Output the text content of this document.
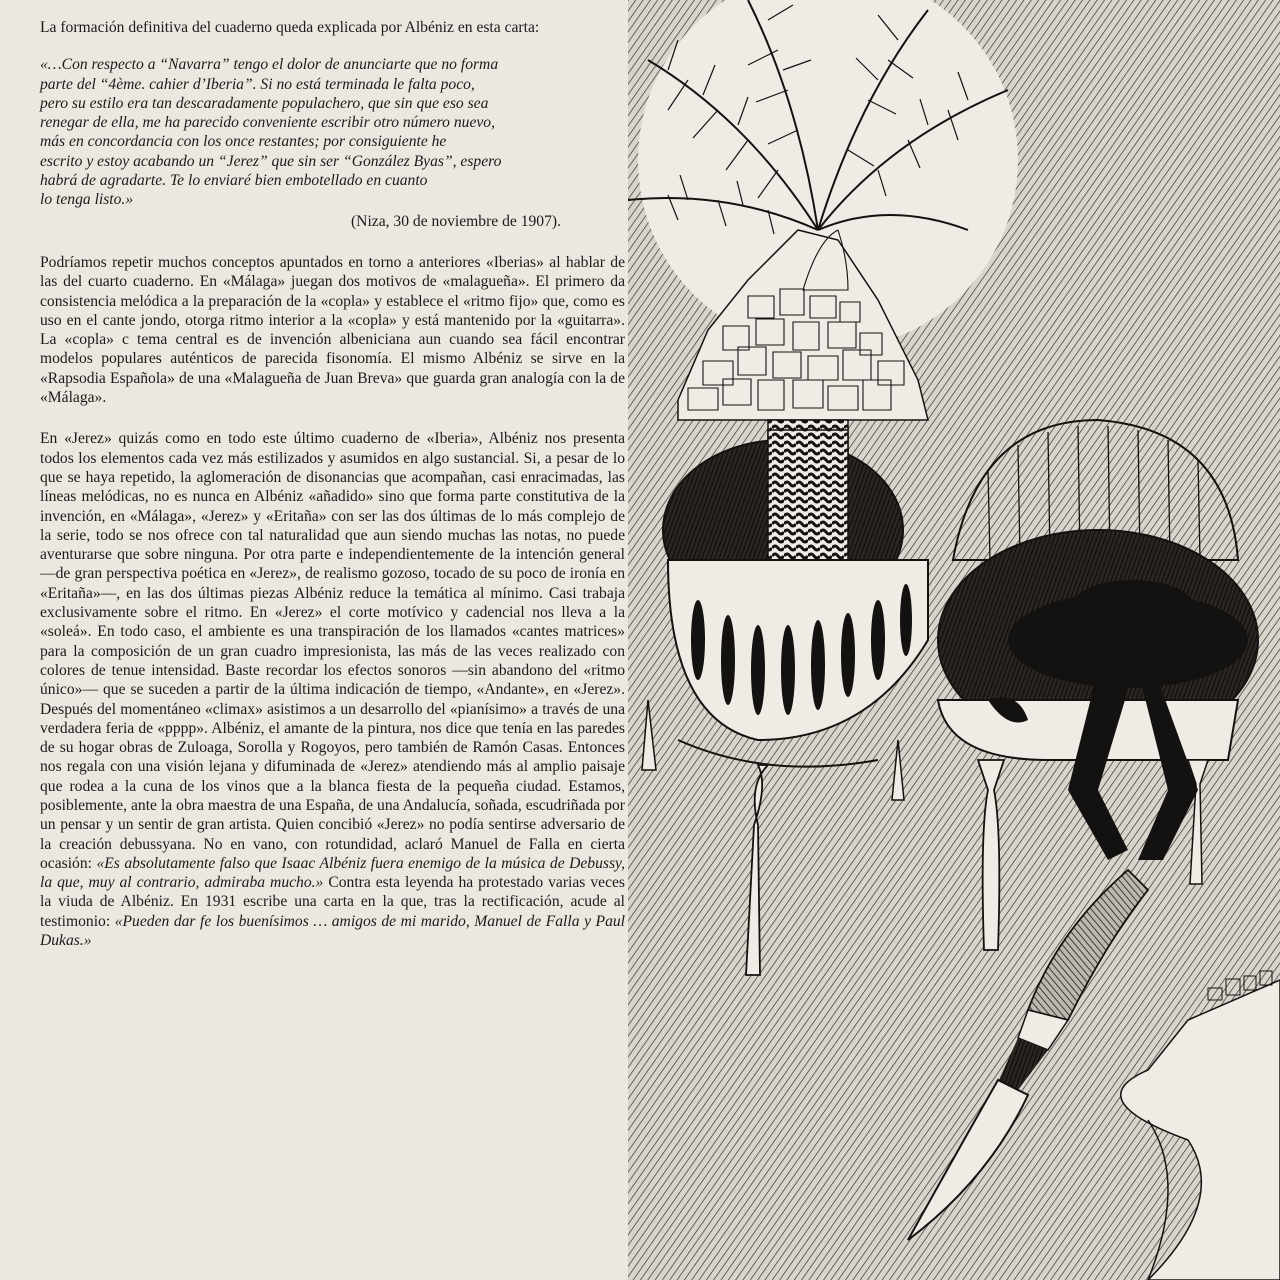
La formación definitiva del cuaderno queda explicada por Albéniz en esta carta:

«…Con respecto a “Navarra” tengo el dolor de anunciarte que no forma
parte del “4ème. cahier d’Iberia”. Si no está terminada le falta poco,
pero su estilo era tan descaradamente populachero, que sin que eso sea
renegar de ella, me ha parecido conveniente escribir otro número nuevo,
más en concordancia con los once restantes; por consiguiente he
escrito y estoy acabando un “Jerez” que sin ser “González Byas”, espero
habrá de agradarte. Te lo enviaré bien embotellado en cuanto
lo tenga listo.»

(Niza, 30 de noviembre de 1907).

Podríamos repetir muchos conceptos apuntados en torno a anteriores «Iberias» al hablar de las del cuarto cuaderno. En «Málaga» juegan dos motivos de «malagueña». El primero da consistencia melódica a la preparación de la «copla» y establece el «ritmo fijo» que, como es uso en el cante jondo, otorga ritmo interior a la «copla» y está mantenido por la «guitarra». La «copla» c tema central es de invención albeniciana aun cuando sea fácil encontrar modelos populares auténticos de parecida fisonomía. El mismo Albéniz se sirve en la «Rapsodia Española» de una «Malagueña de Juan Breva» que guarda gran analogía con la de «Málaga».

En «Jerez» quizás como en todo este último cuaderno de «Iberia», Albéniz nos presenta todos los elementos cada vez más estilizados y asumidos en algo sustancial. Si, a pesar de lo que se haya repetido, la aglomeración de disonancias que acompañan, casi enracimadas, las líneas melódicas, no es nunca en Albéniz «añadido» sino que forma parte constitutiva de la invención, en «Málaga», «Jerez» y «Eritaña» con ser las dos últimas de lo más complejo de la serie, todo se nos ofrece con tal naturalidad que aun siendo muchas las notas, no puede aventurarse que sobre ninguna. Por otra parte e independientemente de la intención general —de gran perspectiva poética en «Jerez», de realismo gozoso, tocado de su poco de ironía en «Eritaña»—, en las dos últimas piezas Albéniz reduce la temática al mínimo. Casi trabaja exclusivamente sobre el ritmo. En «Jerez» el corte motívico y cadencial nos lleva a la «soleá». En todo caso, el ambiente es una transpiración de los llamados «cantes matrices» para la composición de un gran cuadro impresionista, las más de las veces realizado con colores de tenue intensidad. Baste recordar los efectos sonoros —sin abandono del «ritmo único»— que se suceden a partir de la última indicación de tiempo, «Andante», en «Jerez». Después del momentáneo «climax» asistimos a un desarrollo del «pianísimo» a través de una verdadera feria de «pppp». Albéniz, el amante de la pintura, nos dice que tenía en las paredes de su hogar obras de Zuloaga, Sorolla y Rogoyos, pero también de Ramón Casas. Entonces nos regala con una visión lejana y difuminada de «Jerez» atendiendo más al amplio paisaje que rodea a la cuna de los vinos que a la blanca fiesta de la pequeña ciudad. Estamos, posiblemente, ante la obra maestra de una España, de una Andalucía, soñada, escudriñada por un pensar y un sentir de gran artista. Quien concibió «Jerez» no podía sentirse adversario de la creación debussyana. No en vano, con rotundidad, aclaró Manuel de Falla en cierta ocasión: «Es absolutamente falso que Isaac Albéniz fuera enemigo de la música de Debussy, la que, muy al contrario, admiraba mucho.» Contra esta leyenda ha protestado varias veces la viuda de Albéniz. En 1931 escribe una carta en la que, tras la rectificación, acude al testimonio: «Pueden dar fe los buenísimos … amigos de mi marido, Manuel de Falla y Paul Dukas.»
